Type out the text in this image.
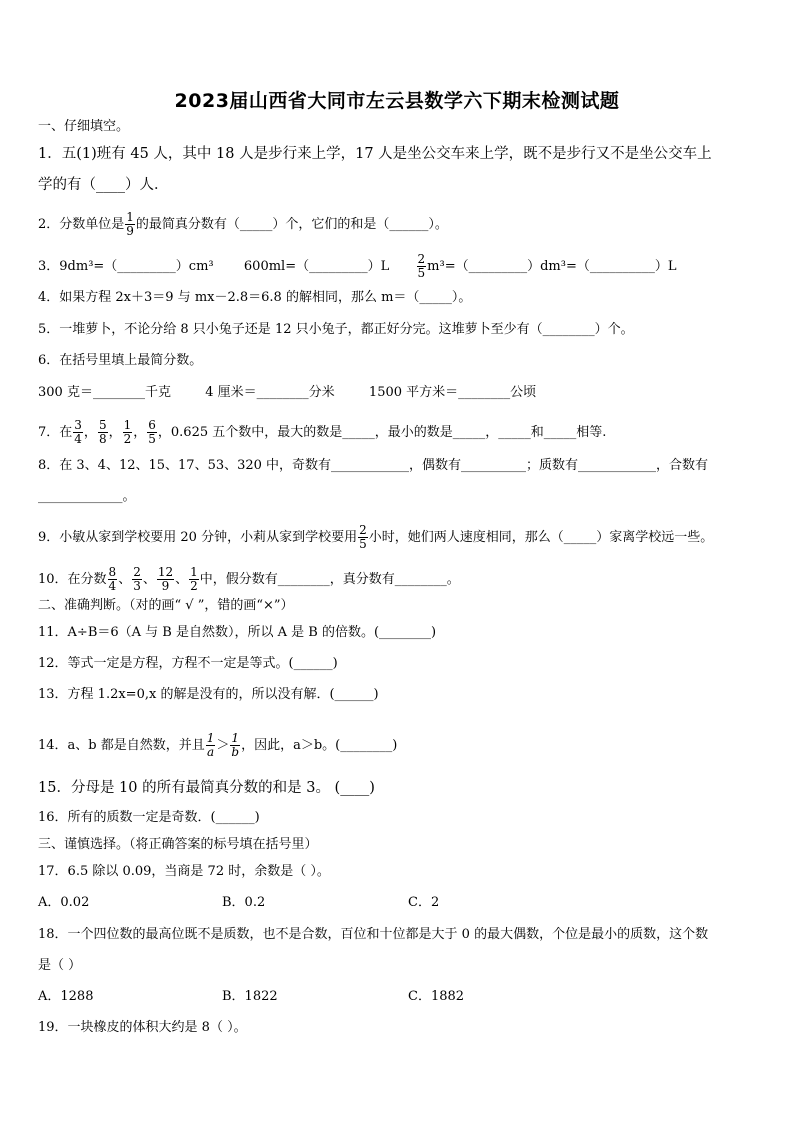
2023届山西省大同市左云县数学六下期末检测试题
一、仔细填空。
1．五(1)班有 45 人，其中 18 人是步行来上学，17 人是坐公交车来上学，既不是步行又不是坐公交车上
学的有（____）人．
2．分数单位是 $\frac{1}{9}$ 的最简真分数有（_____）个，它们的和是（______）。
3．9dm³=（_________）cm³ 600ml=（_________）L $\frac{2}{5}$ m³=（_________）dm³=（__________）L
4．如果方程 2x＋3＝9 与 mx－2.8＝6.8 的解相同，那么 m＝（_____）。
5．一堆萝卜，不论分给 8 只小兔子还是 12 只小兔子，都正好分完。这堆萝卜至少有（________）个。
6．在括号里填上最简分数。
300 克＝________千克	4 厘米＝________分米	1500 平方米＝________公顷
7．在 $\frac{3}{4}$ ， $\frac{5}{8}$ ， $\frac{1}{2}$ ， $\frac{6}{5}$ ，0.625 五个数中，最大的数是_____，最小的数是_____，_____和_____相等.
8．在 3、4、12、15、17、53、320 中，奇数有____________，偶数有__________；质数有____________，合数有
_____________。
9．小敏从家到学校要用 20 分钟，小莉从家到学校要用 $\frac{2}{5}$ 小时，她们两人速度相同，那么（_____）家离学校远一些。
10．在分数 $\frac{8}{4}$ 、 $\frac{2}{3}$ 、 $\frac{12}{9}$ 、 $\frac{1}{2}$ 中，假分数有________，真分数有________。
二、准确判断。（对的画“ √ ”，错的画“×”）
11．A÷B＝6（A 与 B 是自然数），所以 A 是 B 的倍数。(________)
12．等式一定是方程，方程不一定是等式。(______)
13．方程 1.2x=0,x 的解是没有的，所以没有解．(______)
14．a、b 都是自然数，并且 $\frac{1}{a} > \frac{1}{b}$ ，因此，a＞b。(________)
15．分母是 10 的所有最简真分数的和是 3。 (____)
16．所有的质数一定是奇数．(______)
三、谨慎选择。（将正确答案的标号填在括号里）
17．6.5 除以 0.09，当商是 72 时，余数是（ ）。
A．0.02	B．0.2	C．2
18．一个四位数的最高位既不是质数，也不是合数，百位和十位都是大于 0 的最大偶数，个位是最小的质数，这个数
是（ ）
A．1288	B．1822	C．1882
19．一块橡皮的体积大约是 8（ ）。
